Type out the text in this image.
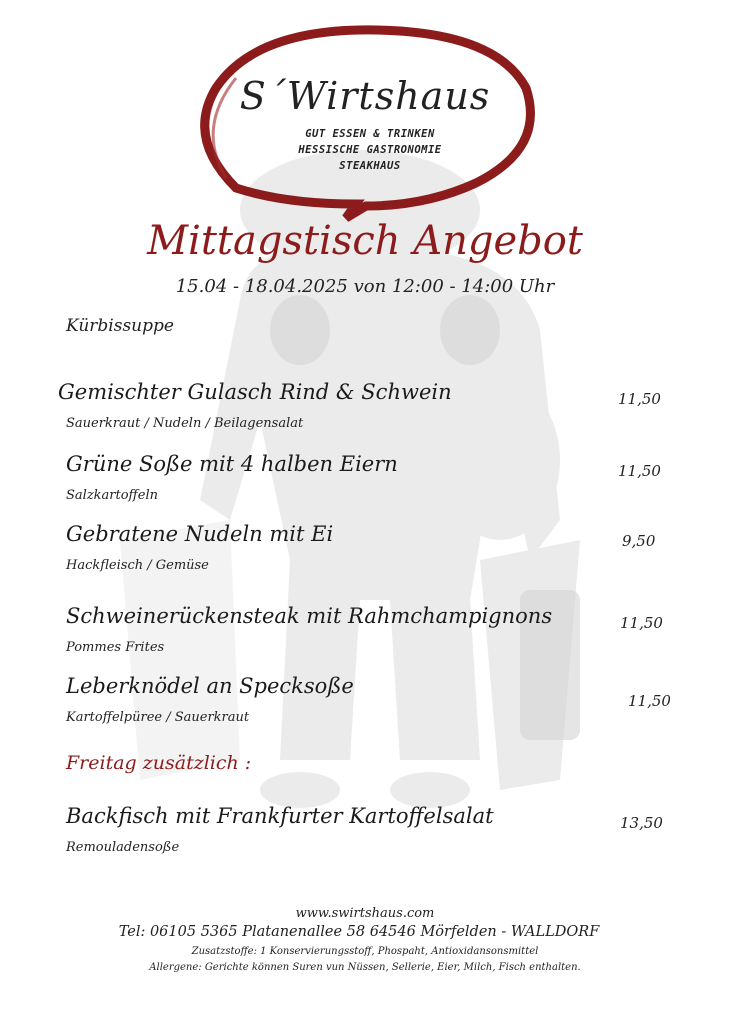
S´Wirtshaus
GUT ESSEN & TRINKEN
HESSISCHE GASTRONOMIE
STEAKHAUS
Mittagstisch Angebot
15.04 - 18.04.2025 von 12:00 - 14:00 Uhr
Kürbissuppe
Gemischter Gulasch Rind & Schwein
Sauerkraut / Nudeln / Beilagensalat
11,50
Grüne Soße mit 4 halben Eiern
Salzkartoffeln
11,50
Gebratene Nudeln mit Ei
Hackfleisch / Gemüse
9,50
Schweinerückensteak mit Rahmchampignons
Pommes Frites
11,50
Leberknödel an Specksoße
Kartoffelpüree / Sauerkraut
11,50
Freitag zusätzlich :
Backfisch mit Frankfurter Kartoffelsalat
Remouladensoße
13,50
www.swirtshaus.com
Tel: 06105 5365 Platanenallee 58 64546 Mörfelden - WALLDORF
Zusatzstoffe: 1 Konservierungsstoff, Phospaht, Antioxidansonsmittel
Allergene: Gerichte können Suren vun Nüssen, Sellerie, Eier, Milch, Fisch enthalten.
